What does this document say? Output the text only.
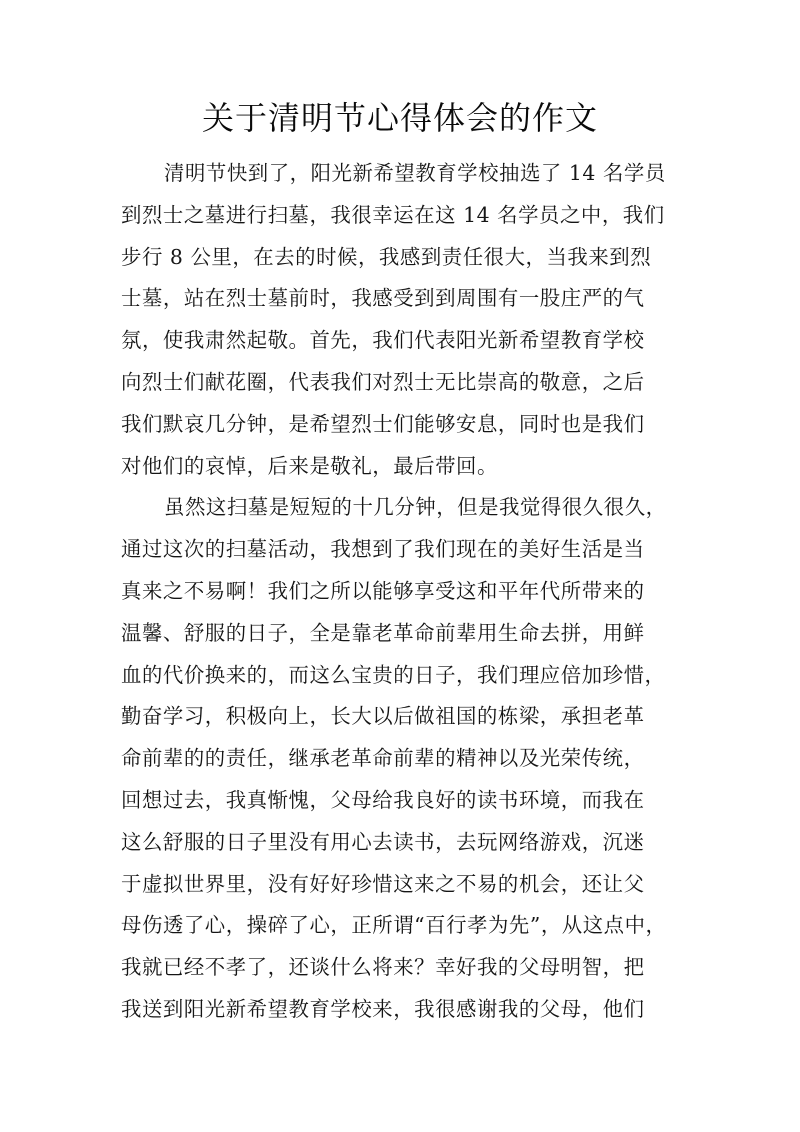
关于清明节心得体会的作文
清明节快到了，阳光新希望教育学校抽选了 14 名学员
到烈士之墓进行扫墓，我很幸运在这 14 名学员之中，我们
步行 8 公里，在去的时候，我感到责任很大，当我来到烈
士墓，站在烈士墓前时，我感受到到周围有一股庄严的气
氛，使我肃然起敬。首先，我们代表阳光新希望教育学校
向烈士们献花圈，代表我们对烈士无比崇高的敬意，之后
我们默哀几分钟，是希望烈士们能够安息，同时也是我们
对他们的哀悼，后来是敬礼，最后带回。
虽然这扫墓是短短的十几分钟，但是我觉得很久很久，
通过这次的扫墓活动，我想到了我们现在的美好生活是当
真来之不易啊！我们之所以能够享受这和平年代所带来的
温馨、舒服的日子，全是靠老革命前辈用生命去拼，用鲜
血的代价换来的，而这么宝贵的日子，我们理应倍加珍惜，
勤奋学习，积极向上，长大以后做祖国的栋梁，承担老革
命前辈的的责任，继承老革命前辈的精神以及光荣传统，
回想过去，我真惭愧，父母给我良好的读书环境，而我在
这么舒服的日子里没有用心去读书，去玩网络游戏，沉迷
于虚拟世界里，没有好好珍惜这来之不易的机会，还让父
母伤透了心，操碎了心，正所谓“百行孝为先”，从这点中，
我就已经不孝了，还谈什么将来？幸好我的父母明智，把
我送到阳光新希望教育学校来，我很感谢我的父母，他们
